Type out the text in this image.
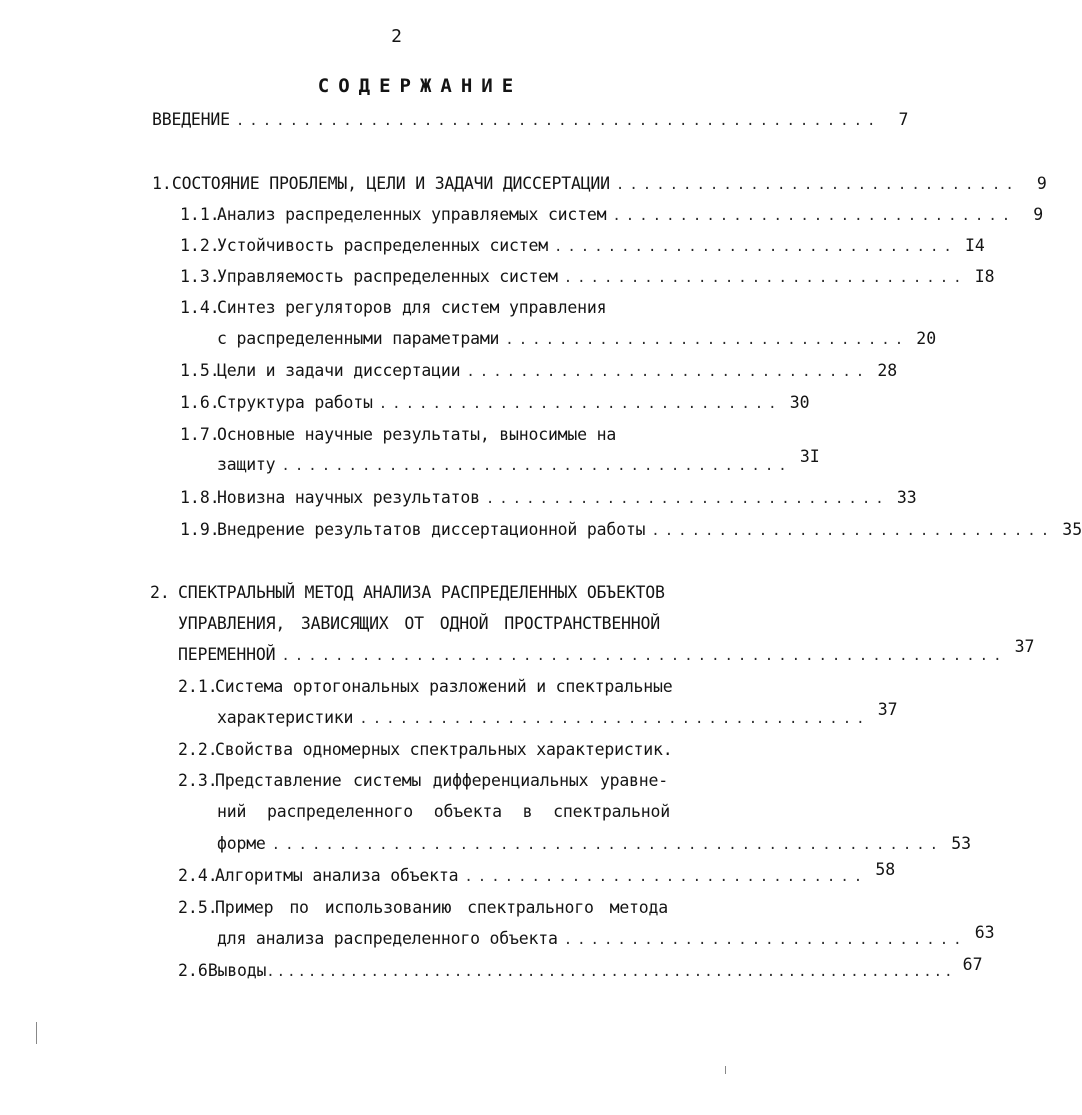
2
СОДЕРЖАНИЕ
ВВЕДЕНИЕ ................................................	7
1. СОСТОЯНИЕ ПРОБЛЕМЫ, ЦЕЛИ И ЗАДАЧИ ДИССЕРТАЦИИ ..............................	9
1.1.
Анализ распределенных управляемых систем ..............................	9
1.2.
Устойчивость распределенных систем .............................. I4
1.3.
Управляемость распределенных систем .............................. I8
1.4.
Синтез регуляторов для систем управления
с распределенными параметрами .............................. 20
1.5.
Цели и задачи диссертации .............................. 28
1.6.
Структура работы .............................. 30
1.7.
Основные научные результаты, выносимые на
защиту ...................................... 3I
1.8.
Новизна научных результатов .............................. 33
1.9.
Внедрение результатов диссертационной работы .............................. 35
2. СПЕКТРАЛЬНЫЙ МЕТОД АНАЛИЗА РАСПРЕДЕЛЕННЫХ ОБЪЕКТОВ
УПРАВЛЕНИЯ, ЗАВИСЯЩИХ ОТ ОДНОЙ ПРОСТРАНСТВЕННОЙ
ПЕРЕМЕННОЙ ...................................................... 37
2.1.
Система ортогональных разложений и спектральные
характеристики ...................................... 37
2.2.
Свойства одномерных спектральных характеристик.
2.3.
Представление системы дифференциальных уравне-
ний распределенного объекта в спектральной
форме .................................................. 53
2.4.
Алгоритмы анализа объекта .............................. 58
2.5.
Пример по использованию спектрального метода
для анализа распределенного объекта .............................. 63
2.6 Выводы .................................................................. 67
